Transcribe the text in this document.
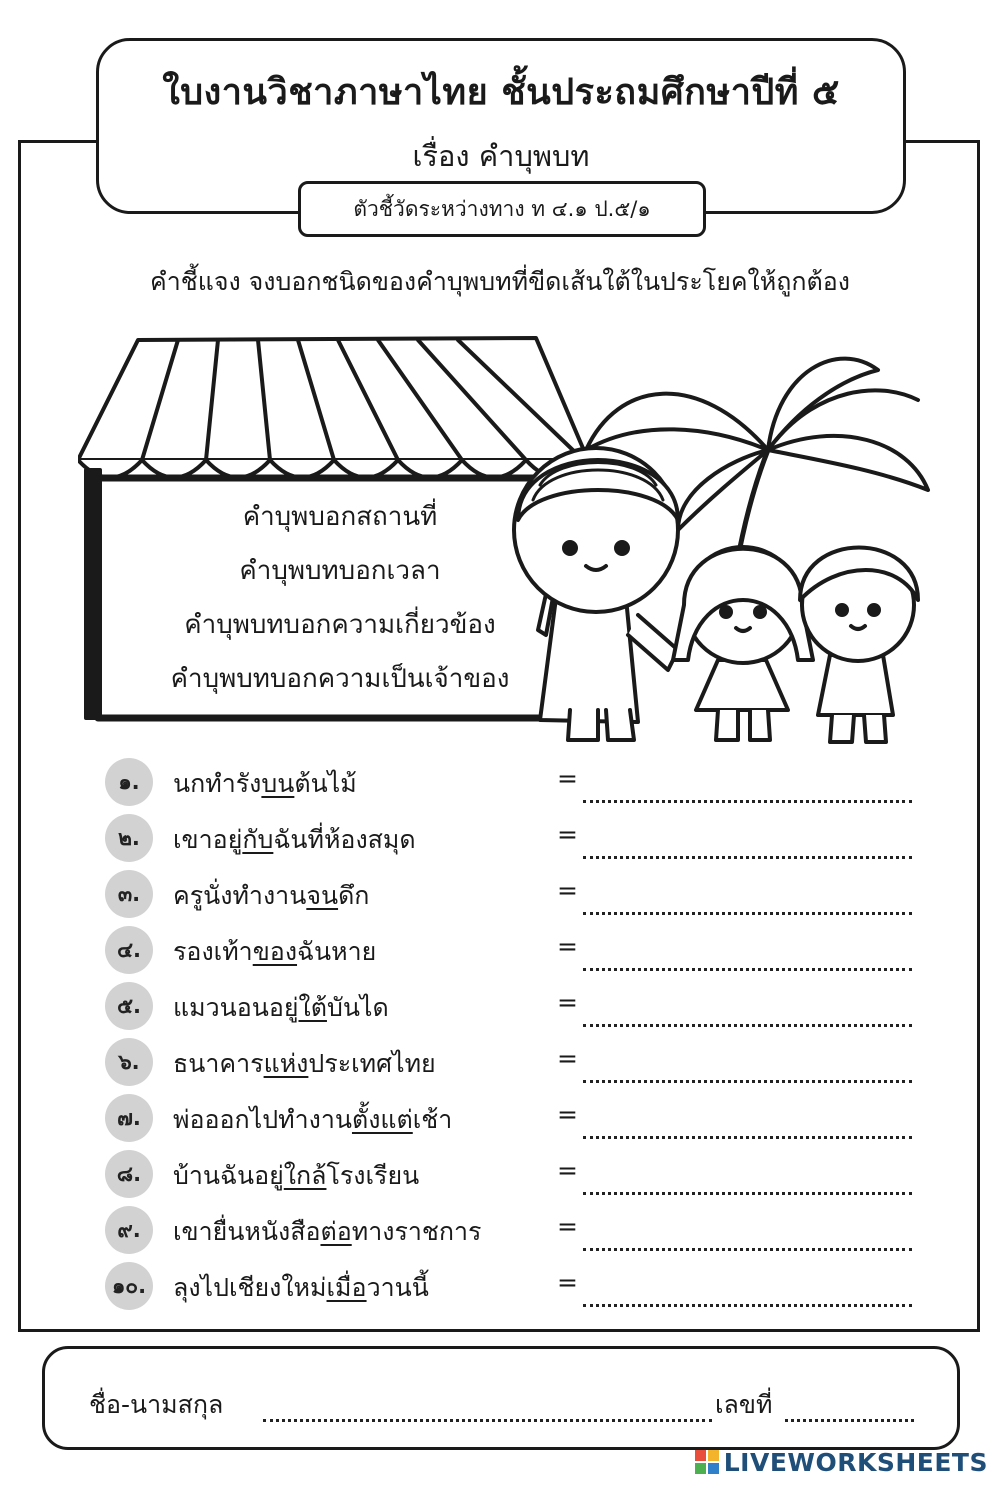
ใบงานวิชาภาษาไทย ชั้นประถมศึกษาปีที่ ๕
เรื่อง คำบุพบท
ตัวชี้วัดระหว่างทาง ท ๔.๑ ป.๕/๑
คำชี้แจง จงบอกชนิดของคำบุพบทที่ขีดเส้นใต้ในประโยคให้ถูกต้อง
คำบุพบอกสถานที่
คำบุพบทบอกเวลา
คำบุพบทบอกความเกี่ยวข้อง
คำบุพบทบอกความเป็นเจ้าของ
๑.	นกทำรังบนต้นไม้	=
๒.	เขาอยู่กับฉันที่ห้องสมุด	=
๓.	ครูนั่งทำงานจนดึก	=
๔.	รองเท้าของฉันหาย	=
๕.	แมวนอนอยู่ใต้บันได	=
๖.	ธนาคารแห่งประเทศไทย	=
๗.	พ่อออกไปทำงานตั้งแต่เช้า	=
๘.	บ้านฉันอยู่ใกล้โรงเรียน	=
๙.	เขายื่นหนังสือต่อทางราชการ	=
๑๐. ลุงไปเชียงใหม่เมื่อวานนี้	=
ชื่อ-นามสกุล	เลขที่
LIVEWORKSHEETS
